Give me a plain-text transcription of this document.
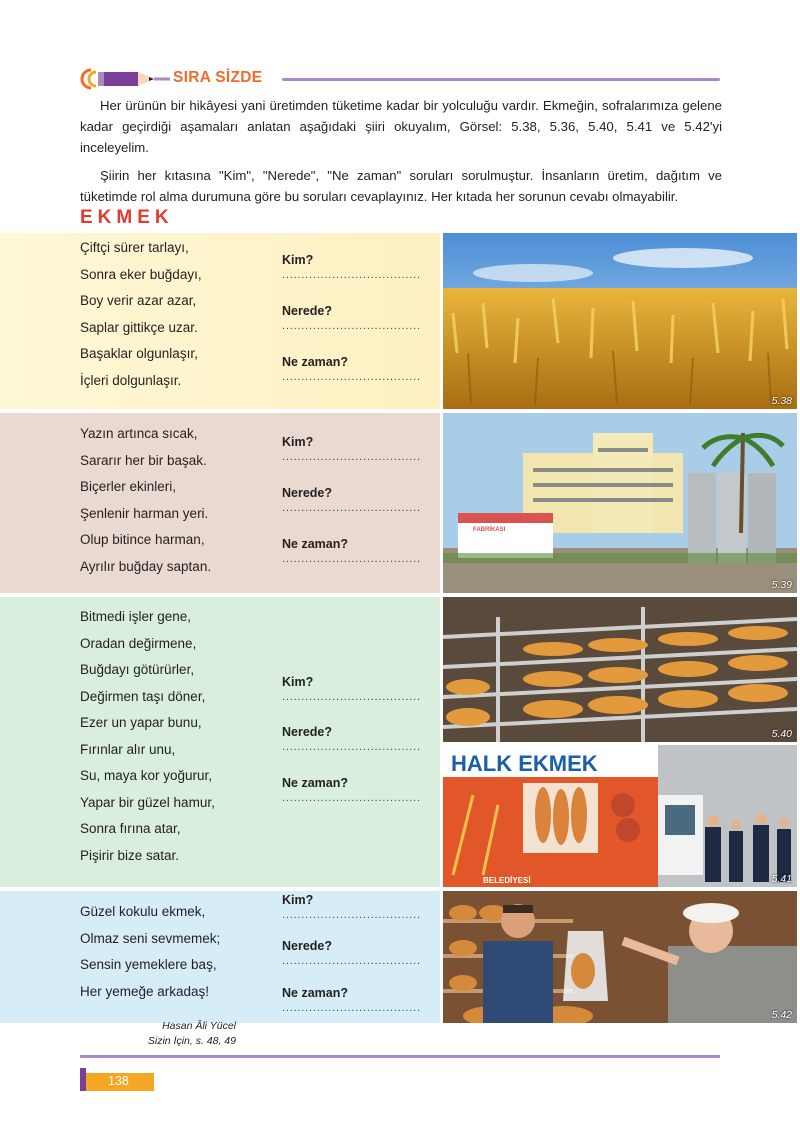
SIRA SİZDE
Her ürünün bir hikâyesi yani üretimden tüketime kadar bir yolculuğu vardır. Ekmeğin, sofralarımıza gelene kadar geçirdiği aşamaları anlatan aşağıdaki şiiri okuyalım, Görsel: 5.38, 5.36, 5.40, 5.41 ve 5.42'yi inceleyelim.
Şiirin her kıtasına "Kim", "Nerede", "Ne zaman" soruları sorulmuştur. İnsanların üretim, dağıtım ve tüketimde rol alma durumuna göre bu soruları cevaplayınız. Her kıtada her sorunun cevabı olmayabilir.
EKMEK
Çiftçi sürer tarlayı,
Sonra eker buğdayı,
Boy verir azar azar,
Saplar gittikçe uzar.
Başaklar olgunlaşır,
İçleri dolgunlaşır.
Kim?
....................................
Nerede?
....................................
Ne zaman?
....................................
Yazın artınca sıcak,
Sararır her bir başak.
Biçerler ekinleri,
Şenlenir harman yeri.
Olup bitince harman,
Ayrılır buğday saptan.
Kim?
....................................
Nerede?
....................................
Ne zaman?
....................................
Bitmedi işler gene,
Oradan değirmene,
Buğdayı götürürler,
Değirmen taşı döner,
Ezer un yapar bunu,
Fırınlar alır unu,
Su, maya kor yoğurur,
Yapar bir güzel hamur,
Sonra fırına atar,
Pişirir bize satar.
Kim?
....................................
Nerede?
....................................
Ne zaman?
....................................
Güzel kokulu ekmek,
Olmaz seni sevmemek;
Sensin yemeklere baş,
Her yemeğe arkadaş!
Kim?
....................................
Nerede?
....................................
Ne zaman?
....................................
5.38
FABRİKASI
5.39
5.40
HALK EKMEK
BELEDİYESİ	5.41
5.42
Hasan Âli Yücel
Sizin İçin, s. 48, 49
138
